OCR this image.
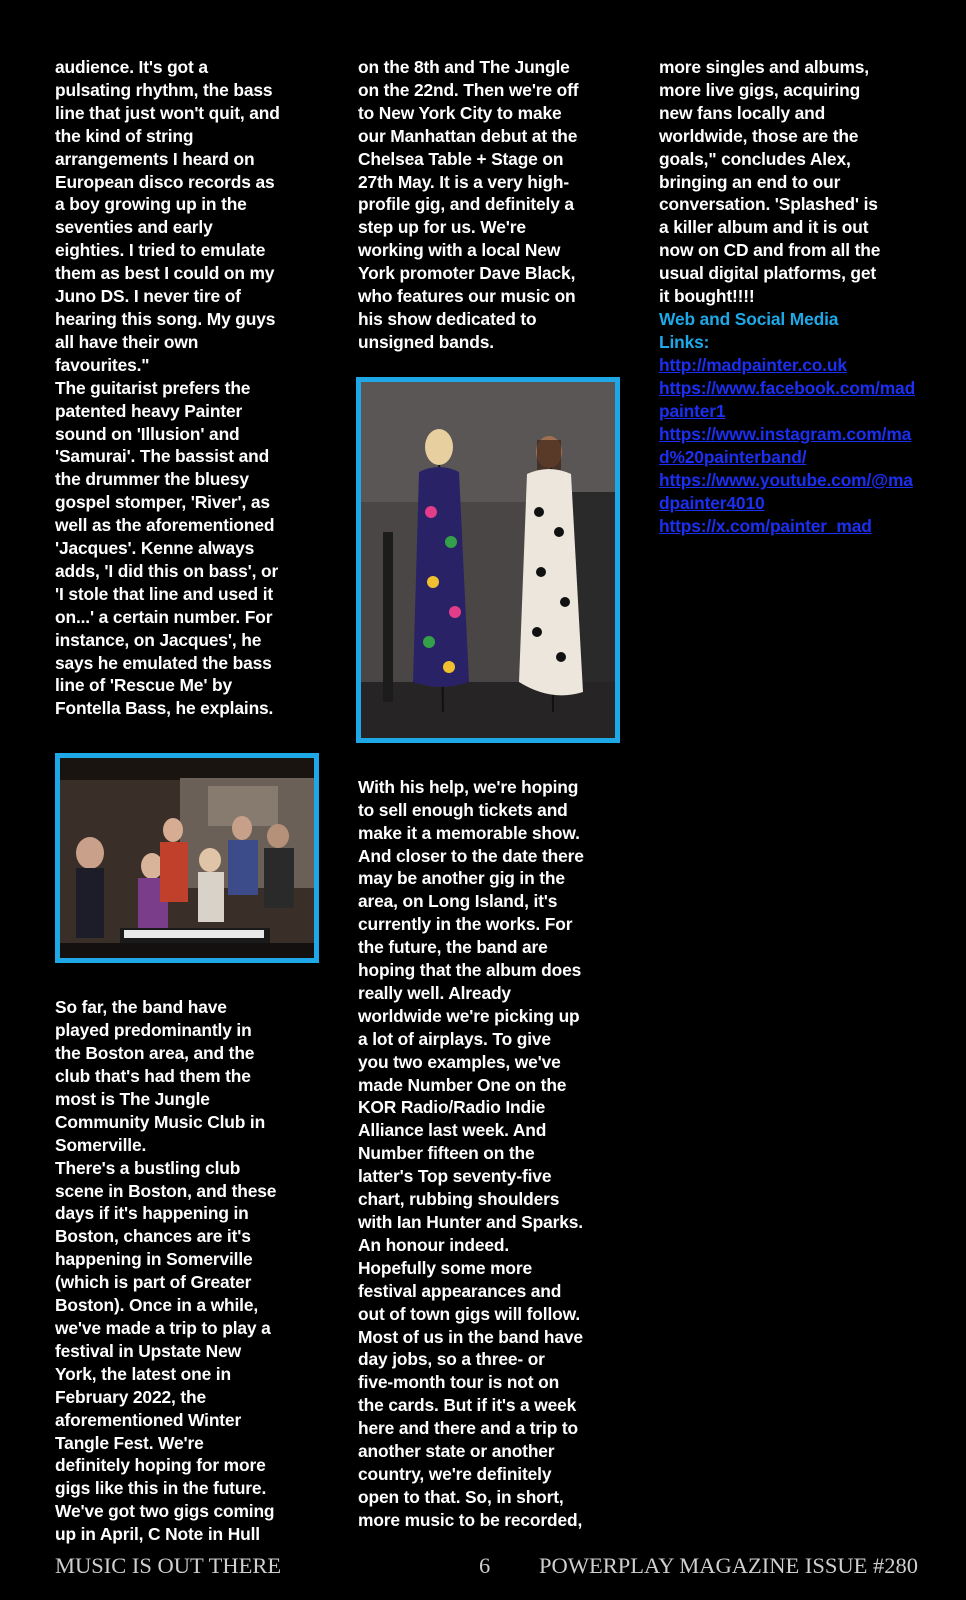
audience. It's got a
pulsating rhythm, the bass
line that just won't quit, and
the kind of string
arrangements I heard on
European disco records as
a boy growing up in the
seventies and early
eighties. I tried to emulate
them as best I could on my
Juno DS. I never tire of
hearing this song. My guys
all have their own
favourites."
The guitarist prefers the
patented heavy Painter
sound on 'Illusion' and
'Samurai'. The bassist and
the drummer the bluesy
gospel stomper, 'River', as
well as the aforementioned
'Jacques'. Kenne always
adds, 'I did this on bass', or
'I stole that line and used it
on...' a certain number. For
instance, on Jacques', he
says he emulated the bass
line of 'Rescue Me' by
Fontella Bass, he explains.

So far, the band have
played predominantly in
the Boston area, and the
club that's had them the
most is The Jungle
Community Music Club in
Somerville.
There's a bustling club
scene in Boston, and these
days if it's happening in
Boston, chances are it's
happening in Somerville
(which is part of Greater
Boston). Once in a while,
we've made a trip to play a
festival in Upstate New
York, the latest one in
February 2022, the
aforementioned Winter
Tangle Fest. We're
definitely hoping for more
gigs like this in the future.
We've got two gigs coming
up in April, C Note in Hull

on the 8th and The Jungle
on the 22nd. Then we're off
to New York City to make
our Manhattan debut at the
Chelsea Table + Stage on
27th May. It is a very high-
profile gig, and definitely a
step up for us. We're
working with a local New
York promoter Dave Black,
who features our music on
his show dedicated to
unsigned bands.

With his help, we're hoping
to sell enough tickets and
make it a memorable show.
And closer to the date there
may be another gig in the
area, on Long Island, it's
currently in the works. For
the future, the band are
hoping that the album does
really well. Already
worldwide we're picking up
a lot of airplays. To give
you two examples, we've
made Number One on the
KOR Radio/Radio Indie
Alliance last week. And
Number fifteen on the
latter's Top seventy-five
chart, rubbing shoulders
with Ian Hunter and Sparks.
An honour indeed.
Hopefully some more
festival appearances and
out of town gigs will follow.
Most of us in the band have
day jobs, so a three- or
five-month tour is not on
the cards. But if it's a week
here and there and a trip to
another state or another
country, we're definitely
open to that. So, in short,
more music to be recorded,

more singles and albums,
more live gigs, acquiring
new fans locally and
worldwide, those are the
goals," concludes Alex,
bringing an end to our
conversation. 'Splashed' is
a killer album and it is out
now on CD and from all the
usual digital platforms, get
it bought!!!!

Web and Social Media
Links:

http://madpainter.co.uk
https://www.facebook.com/madpainter1
https://www.instagram.com/mad%20painterband/
https://www.youtube.com/@madpainter4010
https://x.com/painter_mad
MUSIC IS OUT THERE	6 POWERPLAY MAGAZINE ISSUE #280
